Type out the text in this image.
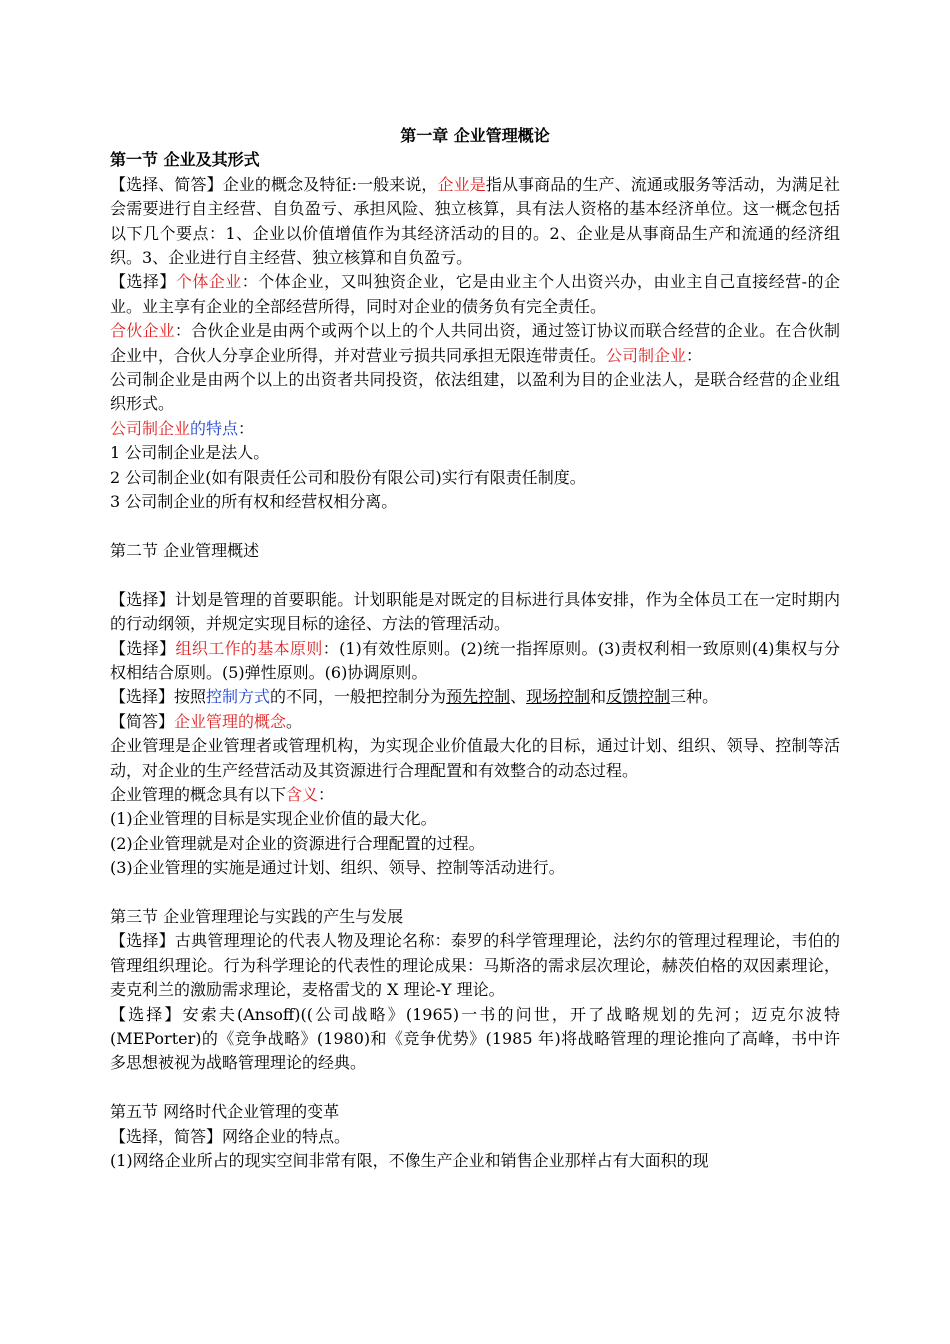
第一章 企业管理概论

第一节 企业及其形式

【选择、简答】企业的概念及特征:一般来说，企业是指从事商品的生产、流通或服务等活动，为满足社会需要进行自主经营、自负盈亏、承担风险、独立核算，具有法人资格的基本经济单位。这一概念包括以下几个要点：1、企业以价值增值作为其经济活动的目的。2、企业是从事商品生产和流通的经济组织。3、企业进行自主经营、独立核算和自负盈亏。

【选择】个体企业：个体企业，又叫独资企业，它是由业主个人出资兴办，由业主自己直接经营-的企业。业主享有企业的全部经营所得，同时对企业的债务负有完全责任。

合伙企业：合伙企业是由两个或两个以上的个人共同出资，通过签订协议而联合经营的企业。在合伙制企业中，合伙人分享企业所得，并对营业亏损共同承担无限连带责任。公司制企业：

公司制企业是由两个以上的出资者共同投资，依法组建，以盈利为目的企业法人，是联合经营的企业组织形式。

公司制企业的特点：

1 公司制企业是法人。

2 公司制企业(如有限责任公司和股份有限公司)实行有限责任制度。

3 公司制企业的所有权和经营权相分离。

第二节 企业管理概述

【选择】计划是管理的首要职能。计划职能是对既定的目标进行具体安排，作为全体员工在一定时期内的行动纲领，并规定实现目标的途径、方法的管理活动。

【选择】组织工作的基本原则：(1)有效性原则。(2)统一指挥原则。(3)责权利相一致原则(4)集权与分权相结合原则。(5)弹性原则。(6)协调原则。

【选择】按照控制方式的不同，一般把控制分为预先控制、现场控制和反馈控制三种。

【简答】企业管理的概念。

企业管理是企业管理者或管理机构，为实现企业价值最大化的目标，通过计划、组织、领导、控制等活动，对企业的生产经营活动及其资源进行合理配置和有效整合的动态过程。

企业管理的概念具有以下含义：

(1)企业管理的目标是实现企业价值的最大化。

(2)企业管理就是对企业的资源进行合理配置的过程。

(3)企业管理的实施是通过计划、组织、领导、控制等活动进行。

第三节 企业管理理论与实践的产生与发展

【选择】古典管理理论的代表人物及理论名称：泰罗的科学管理理论，法约尔的管理过程理论，韦伯的管理组织理论。行为科学理论的代表性的理论成果：马斯洛的需求层次理论，赫茨伯格的双因素理论，麦克利兰的激励需求理论，麦格雷戈的 X 理论-Y 理论。

【选择】安索夫(Ansoff)((公司战略》(1965)一书的问世，开了战略规划的先河；迈克尔波特(MEPorter)的《竞争战略》(1980)和《竞争优势》(1985 年)将战略管理的理论推向了高峰，书中许多思想被视为战略管理理论的经典。

第五节 网络时代企业管理的变革

【选择，简答】网络企业的特点。

(1)网络企业所占的现实空间非常有限，不像生产企业和销售企业那样占有大面积的现
